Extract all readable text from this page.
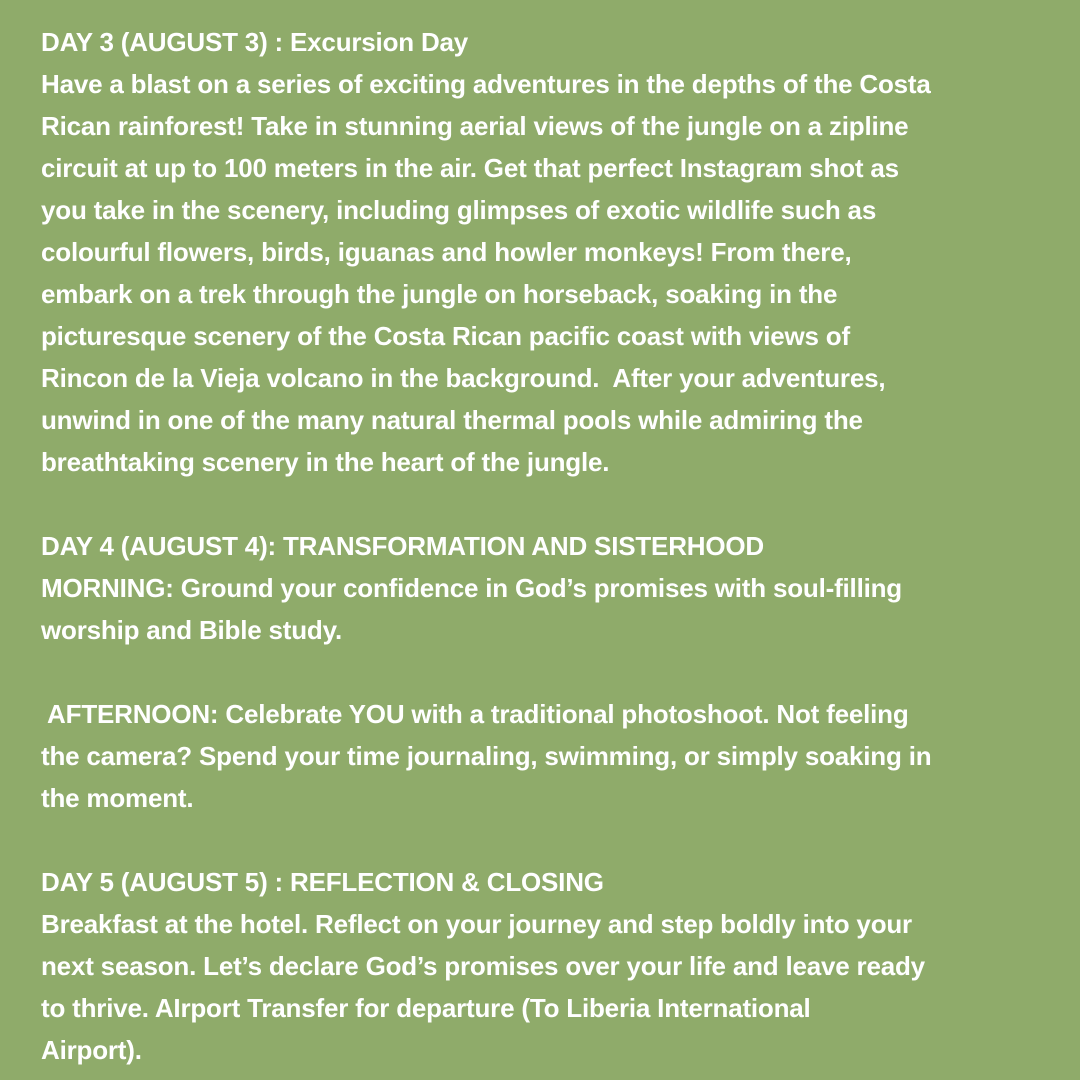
DAY 3 (AUGUST 3) : Excursion Day
Have a blast on a series of exciting adventures in the depths of the Costa
Rican rainforest! Take in stunning aerial views of the jungle on a zipline
circuit at up to 100 meters in the air. Get that perfect Instagram shot as
you take in the scenery, including glimpses of exotic wildlife such as
colourful flowers, birds, iguanas and howler monkeys! From there,
embark on a trek through the jungle on horseback, soaking in the
picturesque scenery of the Costa Rican pacific coast with views of
Rincon de la Vieja volcano in the background.  After your adventures,
unwind in one of the many natural thermal pools while admiring the
breathtaking scenery in the heart of the jungle.
DAY 4 (AUGUST 4): TRANSFORMATION AND SISTERHOOD
MORNING: Ground your confidence in God’s promises with soul-filling
worship and Bible study.
AFTERNOON: Celebrate YOU with a traditional photoshoot. Not feeling
the camera? Spend your time journaling, swimming, or simply soaking in
the moment.
DAY 5 (AUGUST 5) : REFLECTION & CLOSING
Breakfast at the hotel. Reflect on your journey and step boldly into your
next season. Let’s declare God’s promises over your life and leave ready
to thrive. AIrport Transfer for departure (To Liberia International
Airport).
